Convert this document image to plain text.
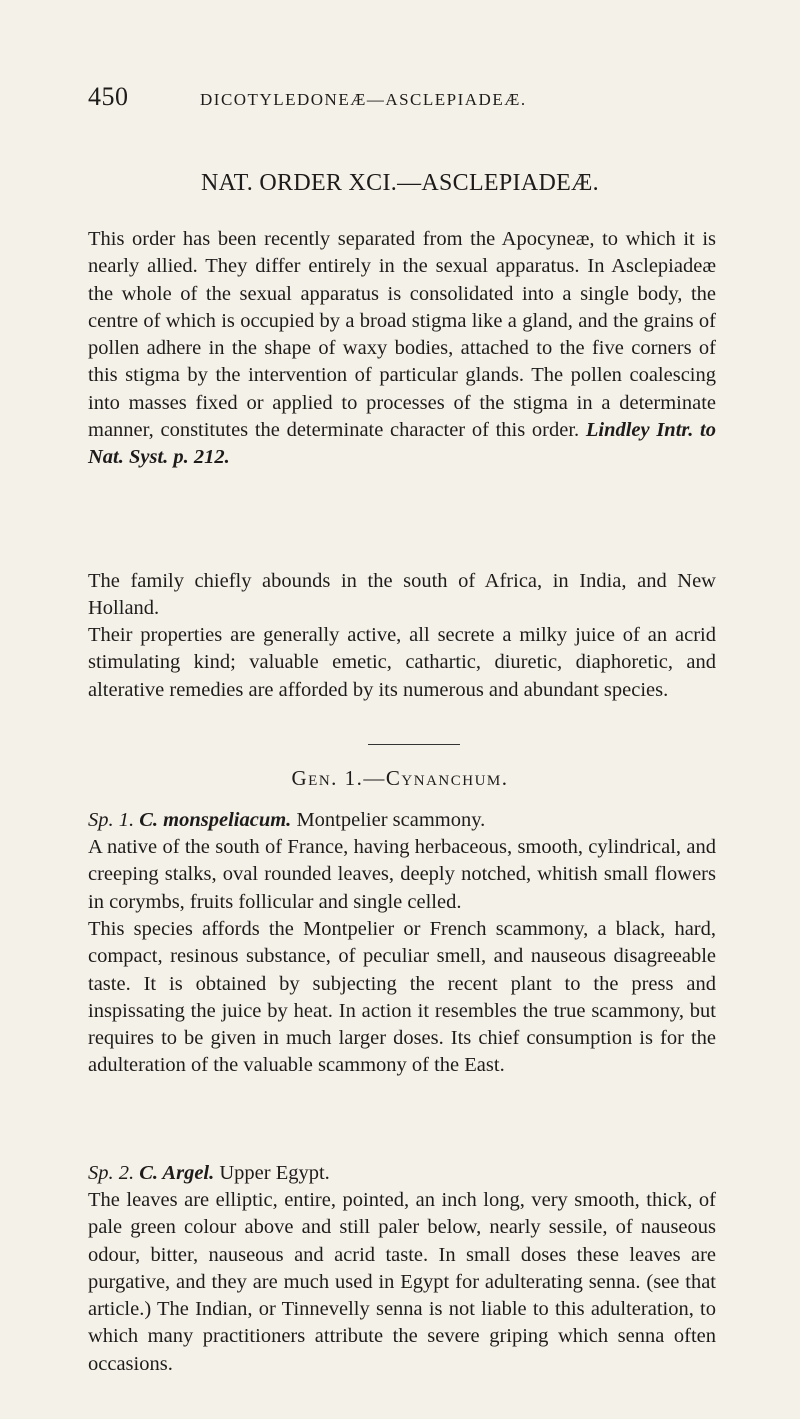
450	DICOTYLEDONEÆ—ASCLEPIADEÆ.
NAT. ORDER XCI.—ASCLEPIADEÆ.

This order has been recently separated from the Apocyneæ, to which it is nearly allied. They differ entirely in the sexual apparatus. In Asclepiadeæ the whole of the sexual apparatus is consolidated into a single body, the centre of which is occupied by a broad stigma like a gland, and the grains of pollen adhere in the shape of waxy bodies, attached to the five corners of this stigma by the intervention of particular glands. The pollen coalescing into masses fixed or applied to processes of the stigma in a determinate manner, constitutes the determinate character of this order. Lindley Intr. to Nat. Syst. p. 212.

The family chiefly abounds in the south of Africa, in India, and New Holland.

Their properties are generally active, all secrete a milky juice of an acrid stimulating kind; valuable emetic, cathartic, diuretic, diaphoretic, and alterative remedies are afforded by its numerous and abundant species.

Gen. 1.—Cynanchum.

Sp. 1. C. monspeliacum. Montpelier scammony.

A native of the south of France, having herbaceous, smooth, cylindrical, and creeping stalks, oval rounded leaves, deeply notched, whitish small flowers in corymbs, fruits follicular and single celled.

This species affords the Montpelier or French scammony, a black, hard, compact, resinous substance, of peculiar smell, and nauseous disagreeable taste. It is obtained by subjecting the recent plant to the press and inspissating the juice by heat. In action it resembles the true scammony, but requires to be given in much larger doses. Its chief consumption is for the adulteration of the valuable scammony of the East.

Sp. 2. C. Argel. Upper Egypt.

The leaves are elliptic, entire, pointed, an inch long, very smooth, thick, of pale green colour above and still paler below, nearly sessile, of nauseous odour, bitter, nauseous and acrid taste. In small doses these leaves are purgative, and they are much used in Egypt for adulterating senna. (see that article.) The Indian, or Tinnevelly senna is not liable to this adulteration, to which many practitioners attribute the severe griping which senna often occasions.
